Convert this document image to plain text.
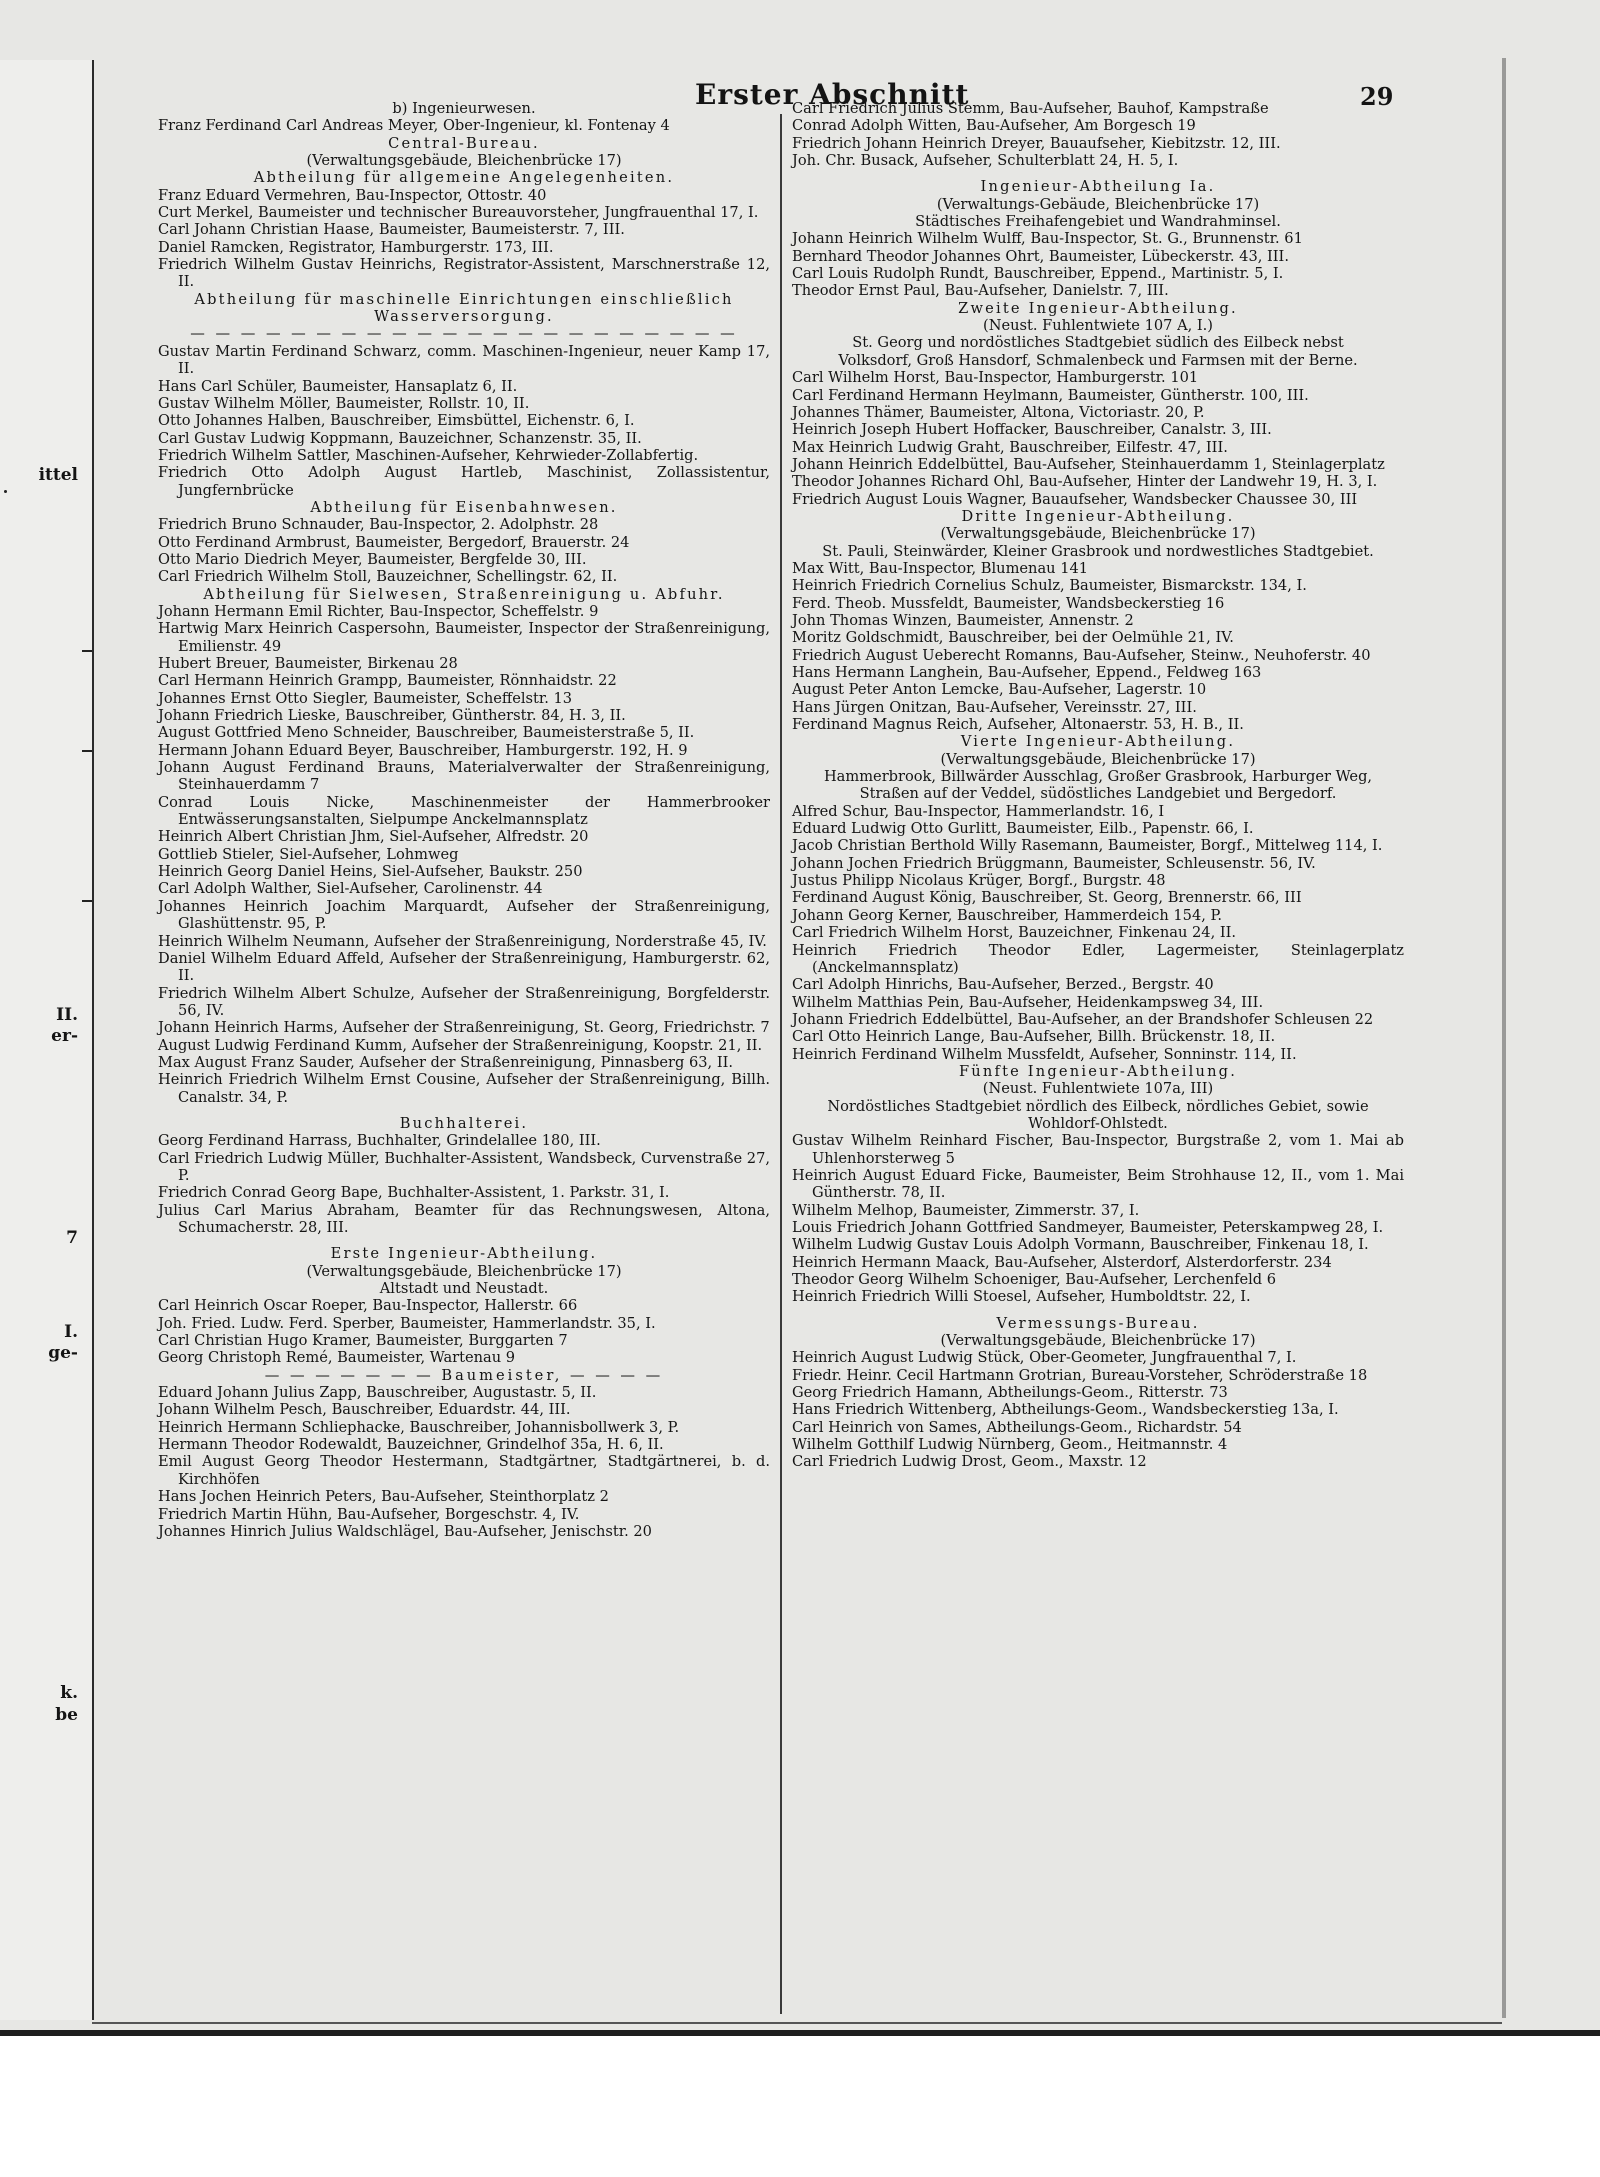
ittel
II.
er-
7
I.
ge-
k.
be
Erster Abschnitt	29
b) Ingenieurwesen.
Franz Ferdinand Carl Andreas Meyer, Ober-Ingenieur, kl. Fontenay 4
Central-Bureau.
(Verwaltungsgebäude, Bleichenbrücke 17)
Abtheilung für allgemeine Angelegenheiten.
Franz Eduard Vermehren, Bau-Inspector, Ottostr. 40
Curt Merkel, Baumeister und technischer Bureauvorsteher, Jungfrauenthal 17, I.
Carl Johann Christian Haase, Baumeister, Baumeisterstr. 7, III.
Daniel Ramcken, Registrator, Hamburgerstr. 173, III.
Friedrich Wilhelm Gustav Heinrichs, Registrator-Assistent, Marschnerstraße 12, II.
Abtheilung für maschinelle Einrichtungen einschließlich Wasserversorgung.
— — — — — — — — — — — — — — — — — — — — — —
Gustav Martin Ferdinand Schwarz, comm. Maschinen-Ingenieur, neuer Kamp 17, II.
Hans Carl Schüler, Baumeister, Hansaplatz 6, II.
Gustav Wilhelm Möller, Baumeister, Rollstr. 10, II.
Otto Johannes Halben, Bauschreiber, Eimsbüttel, Eichenstr. 6, I.
Carl Gustav Ludwig Koppmann, Bauzeichner, Schanzenstr. 35, II.
Friedrich Wilhelm Sattler, Maschinen-Aufseher, Kehrwieder-Zollabfertig.
Friedrich Otto Adolph August Hartleb, Maschinist, Zollassistentur, Jungfernbrücke
Abtheilung für Eisenbahnwesen.
Friedrich Bruno Schnauder, Bau-Inspector, 2. Adolphstr. 28
Otto Ferdinand Armbrust, Baumeister, Bergedorf, Brauerstr. 24
Otto Mario Diedrich Meyer, Baumeister, Bergfelde 30, III.
Carl Friedrich Wilhelm Stoll, Bauzeichner, Schellingstr. 62, II.
Abtheilung für Sielwesen, Straßenreinigung u. Abfuhr.
Johann Hermann Emil Richter, Bau-Inspector, Scheffelstr. 9
Hartwig Marx Heinrich Caspersohn, Baumeister, Inspector der Straßenreinigung, Emilienstr. 49
Hubert Breuer, Baumeister, Birkenau 28
Carl Hermann Heinrich Grampp, Baumeister, Rönnhaidstr. 22
Johannes Ernst Otto Siegler, Baumeister, Scheffelstr. 13
Johann Friedrich Lieske, Bauschreiber, Güntherstr. 84, H. 3, II.
August Gottfried Meno Schneider, Bauschreiber, Baumeisterstraße 5, II.
Hermann Johann Eduard Beyer, Bauschreiber, Hamburgerstr. 192, H. 9
Johann August Ferdinand Brauns, Materialverwalter der Straßenreinigung, Steinhauerdamm 7
Conrad Louis Nicke, Maschinenmeister der Hammerbrooker Entwässerungsanstalten, Sielpumpe Anckelmannsplatz
Heinrich Albert Christian Jhm, Siel-Aufseher, Alfredstr. 20
Gottlieb Stieler, Siel-Aufseher, Lohmweg
Heinrich Georg Daniel Heins, Siel-Aufseher, Baukstr. 250
Carl Adolph Walther, Siel-Aufseher, Carolinenstr. 44
Johannes Heinrich Joachim Marquardt, Aufseher der Straßenreinigung, Glashüttenstr. 95, P.
Heinrich Wilhelm Neumann, Aufseher der Straßenreinigung, Norderstraße 45, IV.
Daniel Wilhelm Eduard Affeld, Aufseher der Straßenreinigung, Hamburgerstr. 62, II.
Friedrich Wilhelm Albert Schulze, Aufseher der Straßenreinigung, Borgfelderstr. 56, IV.
Johann Heinrich Harms, Aufseher der Straßenreinigung, St. Georg, Friedrichstr. 7
August Ludwig Ferdinand Kumm, Aufseher der Straßenreinigung, Koopstr. 21, II.
Max August Franz Sauder, Aufseher der Straßenreinigung, Pinnasberg 63, II.
Heinrich Friedrich Wilhelm Ernst Cousine, Aufseher der Straßenreinigung, Billh. Canalstr. 34, P.
Buchhalterei.
Georg Ferdinand Harrass, Buchhalter, Grindelallee 180, III.
Carl Friedrich Ludwig Müller, Buchhalter-Assistent, Wandsbeck, Curvenstraße 27, P.
Friedrich Conrad Georg Bape, Buchhalter-Assistent, 1. Parkstr. 31, I.
Julius Carl Marius Abraham, Beamter für das Rechnungswesen, Altona, Schumacherstr. 28, III.
Erste Ingenieur-Abtheilung.
(Verwaltungsgebäude, Bleichenbrücke 17)
Altstadt und Neustadt.
Carl Heinrich Oscar Roeper, Bau-Inspector, Hallerstr. 66
Joh. Fried. Ludw. Ferd. Sperber, Baumeister, Hammerlandstr. 35, I.
Carl Christian Hugo Kramer, Baumeister, Burggarten 7
Georg Christoph Remé, Baumeister, Wartenau 9
— — — — — — — Baumeister, — — — —
Eduard Johann Julius Zapp, Bauschreiber, Augustastr. 5, II.
Johann Wilhelm Pesch, Bauschreiber, Eduardstr. 44, III.
Heinrich Hermann Schliephacke, Bauschreiber, Johannisbollwerk 3, P.
Hermann Theodor Rodewaldt, Bauzeichner, Grindelhof 35a, H. 6, II.
Emil August Georg Theodor Hestermann, Stadtgärtner, Stadtgärtnerei, b. d. Kirchhöfen
Hans Jochen Heinrich Peters, Bau-Aufseher, Steinthorplatz 2
Friedrich Martin Hühn, Bau-Aufseher, Borgeschstr. 4, IV.
Johannes Hinrich Julius Waldschlägel, Bau-Aufseher, Jenischstr. 20
Carl Friedrich Julius Stemm, Bau-Aufseher, Bauhof, Kampstraße
Conrad Adolph Witten, Bau-Aufseher, Am Borgesch 19
Friedrich Johann Heinrich Dreyer, Bauaufseher, Kiebitzstr. 12, III.
Joh. Chr. Busack, Aufseher, Schulterblatt 24, H. 5, I.
Ingenieur-Abtheilung Ia.
(Verwaltungs-Gebäude, Bleichenbrücke 17)
Städtisches Freihafengebiet und Wandrahminsel.
Johann Heinrich Wilhelm Wulff, Bau-Inspector, St. G., Brunnenstr. 61
Bernhard Theodor Johannes Ohrt, Baumeister, Lübeckerstr. 43, III.
Carl Louis Rudolph Rundt, Bauschreiber, Eppend., Martinistr. 5, I.
Theodor Ernst Paul, Bau-Aufseher, Danielstr. 7, III.
Zweite Ingenieur-Abtheilung.
(Neust. Fuhlentwiete 107 A, I.)
St. Georg und nordöstliches Stadtgebiet südlich des Eilbeck nebst Volksdorf, Groß Hansdorf, Schmalenbeck und Farmsen mit der Berne.
Carl Wilhelm Horst, Bau-Inspector, Hamburgerstr. 101
Carl Ferdinand Hermann Heylmann, Baumeister, Güntherstr. 100, III.
Johannes Thämer, Baumeister, Altona, Victoriastr. 20, P.
Heinrich Joseph Hubert Hoffacker, Bauschreiber, Canalstr. 3, III.
Max Heinrich Ludwig Graht, Bauschreiber, Eilfestr. 47, III.
Johann Heinrich Eddelbüttel, Bau-Aufseher, Steinhauerdamm 1, Steinlagerplatz
Theodor Johannes Richard Ohl, Bau-Aufseher, Hinter der Landwehr 19, H. 3, I.
Friedrich August Louis Wagner, Bauaufseher, Wandsbecker Chaussee 30, III
Dritte Ingenieur-Abtheilung.
(Verwaltungsgebäude, Bleichenbrücke 17)
St. Pauli, Steinwärder, Kleiner Grasbrook und nordwestliches Stadtgebiet.
Max Witt, Bau-Inspector, Blumenau 141
Heinrich Friedrich Cornelius Schulz, Baumeister, Bismarckstr. 134, I.
Ferd. Theob. Mussfeldt, Baumeister, Wandsbeckerstieg 16
John Thomas Winzen, Baumeister, Annenstr. 2
Moritz Goldschmidt, Bauschreiber, bei der Oelmühle 21, IV.
Friedrich August Ueberecht Romanns, Bau-Aufseher, Steinw., Neuhoferstr. 40
Hans Hermann Langhein, Bau-Aufseher, Eppend., Feldweg 163
August Peter Anton Lemcke, Bau-Aufseher, Lagerstr. 10
Hans Jürgen Onitzan, Bau-Aufseher, Vereinsstr. 27, III.
Ferdinand Magnus Reich, Aufseher, Altonaerstr. 53, H. B., II.
Vierte Ingenieur-Abtheilung.
(Verwaltungsgebäude, Bleichenbrücke 17)
Hammerbrook, Billwärder Ausschlag, Großer Grasbrook, Harburger Weg, Straßen auf der Veddel, südöstliches Landgebiet und Bergedorf.
Alfred Schur, Bau-Inspector, Hammerlandstr. 16, I
Eduard Ludwig Otto Gurlitt, Baumeister, Eilb., Papenstr. 66, I.
Jacob Christian Berthold Willy Rasemann, Baumeister, Borgf., Mittelweg 114, I.
Johann Jochen Friedrich Brüggmann, Baumeister, Schleusenstr. 56, IV.
Justus Philipp Nicolaus Krüger, Borgf., Burgstr. 48
Ferdinand August König, Bauschreiber, St. Georg, Brennerstr. 66, III
Johann Georg Kerner, Bauschreiber, Hammerdeich 154, P.
Carl Friedrich Wilhelm Horst, Bauzeichner, Finkenau 24, II.
Heinrich Friedrich Theodor Edler, Lagermeister, Steinlagerplatz (Anckelmannsplatz)
Carl Adolph Hinrichs, Bau-Aufseher, Berzed., Bergstr. 40
Wilhelm Matthias Pein, Bau-Aufseher, Heidenkampsweg 34, III.
Johann Friedrich Eddelbüttel, Bau-Aufseher, an der Brandshofer Schleusen 22
Carl Otto Heinrich Lange, Bau-Aufseher, Billh. Brückenstr. 18, II.
Heinrich Ferdinand Wilhelm Mussfeldt, Aufseher, Sonninstr. 114, II.
Fünfte Ingenieur-Abtheilung.
(Neust. Fuhlentwiete 107a, III)
Nordöstliches Stadtgebiet nördlich des Eilbeck, nördliches Gebiet, sowie Wohldorf-Ohlstedt.
Gustav Wilhelm Reinhard Fischer, Bau-Inspector, Burgstraße 2, vom 1. Mai ab Uhlenhorsterweg 5
Heinrich August Eduard Ficke, Baumeister, Beim Strohhause 12, II., vom 1. Mai Güntherstr. 78, II.
Wilhelm Melhop, Baumeister, Zimmerstr. 37, I.
Louis Friedrich Johann Gottfried Sandmeyer, Baumeister, Peterskampweg 28, I.
Wilhelm Ludwig Gustav Louis Adolph Vormann, Bauschreiber, Finkenau 18, I.
Heinrich Hermann Maack, Bau-Aufseher, Alsterdorf, Alsterdorferstr. 234
Theodor Georg Wilhelm Schoeniger, Bau-Aufseher, Lerchenfeld 6
Heinrich Friedrich Willi Stoesel, Aufseher, Humboldtstr. 22, I.
Vermessungs-Bureau.
(Verwaltungsgebäude, Bleichenbrücke 17)
Heinrich August Ludwig Stück, Ober-Geometer, Jungfrauenthal 7, I.
Friedr. Heinr. Cecil Hartmann Grotrian, Bureau-Vorsteher, Schröderstraße 18
Georg Friedrich Hamann, Abtheilungs-Geom., Ritterstr. 73
Hans Friedrich Wittenberg, Abtheilungs-Geom., Wandsbeckerstieg 13a, I.
Carl Heinrich von Sames, Abtheilungs-Geom., Richardstr. 54
Wilhelm Gotthilf Ludwig Nürnberg, Geom., Heitmannstr. 4
Carl Friedrich Ludwig Drost, Geom., Maxstr. 12
